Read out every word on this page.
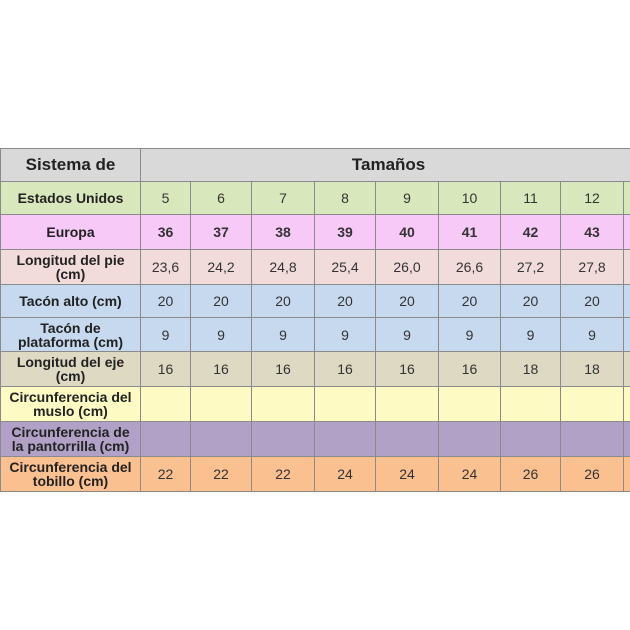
Sistema de	Tamaños								
Estados Unidos	5	6	7	8	9	10	11	12	
Europa	36	37	38	39	40	41	42	43	
Longitud del pie (cm)	23,6	24,2	24,8	25,4	26,0	26,6	27,2	27,8	
Tacón alto (cm)	20	20	20	20	20	20	20	20	
Tacón de plataforma (cm)	9	9	9	9	9	9	9	9	
Longitud del eje (cm)	16	16	16	16	16	16	18	18	
Circunferencia del muslo (cm)									
Circunferencia de la pantorrilla (cm)									
Circunferencia del tobillo (cm)	22	22	22	24	24	24	26	26	
